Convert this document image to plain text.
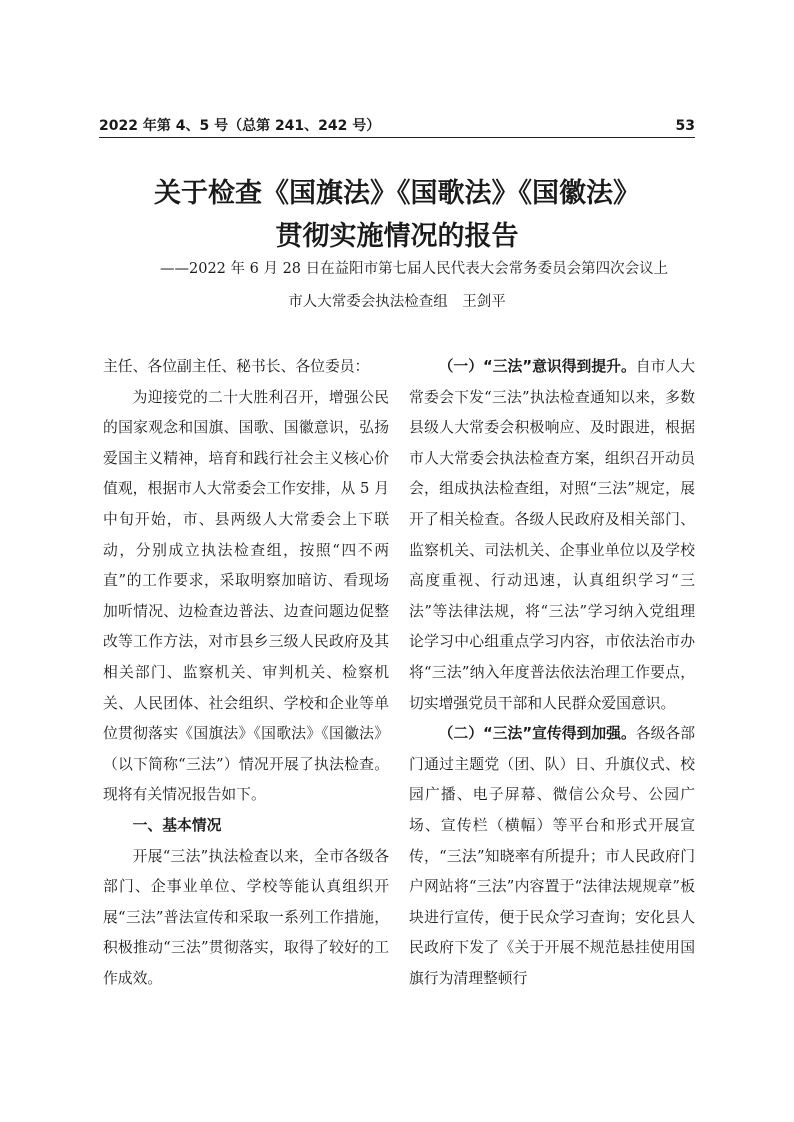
2022 年第 4、5 号（总第 241、242 号）	53
关于检查《国旗法》《国歌法》《国徽法》
贯彻实施情况的报告
——2022 年 6 月 28 日在益阳市第七届人民代表大会常务委员会第四次会议上
市人大常委会执法检查组　王剑平

主任、各位副主任、秘书长、各位委员：

为迎接党的二十大胜利召开，增强公民的国家观念和国旗、国歌、国徽意识，弘扬爱国主义精神，培育和践行社会主义核心价值观，根据市人大常委会工作安排，从 5 月中旬开始，市、县两级人大常委会上下联动，分别成立执法检查组，按照“四不两直”的工作要求，采取明察加暗访、看现场加听情况、边检查边普法、边查问题边促整改等工作方法，对市县乡三级人民政府及其相关部门、监察机关、审判机关、检察机关、人民团体、社会组织、学校和企业等单位贯彻落实《国旗法》《国歌法》《国徽法》（以下简称“三法”）情况开展了执法检查。现将有关情况报告如下。

一、基本情况

开展“三法”执法检查以来，全市各级各部门、企事业单位、学校等能认真组织开展“三法”普法宣传和采取一系列工作措施，积极推动“三法”贯彻落实，取得了较好的工作成效。

（一）“三法”意识得到提升。自市人大常委会下发“三法”执法检查通知以来，多数县级人大常委会积极响应、及时跟进，根据市人大常委会执法检查方案，组织召开动员会，组成执法检查组，对照“三法”规定，展开了相关检查。各级人民政府及相关部门、监察机关、司法机关、企事业单位以及学校高度重视、行动迅速，认真组织学习“三法”等法律法规，将“三法”学习纳入党组理论学习中心组重点学习内容，市依法治市办将“三法”纳入年度普法依法治理工作要点，切实增强党员干部和人民群众爱国意识。

（二）“三法”宣传得到加强。各级各部门通过主题党（团、队）日、升旗仪式、校园广播、电子屏幕、微信公众号、公园广场、宣传栏（横幅）等平台和形式开展宣传，“三法”知晓率有所提升；市人民政府门户网站将“三法”内容置于“法律法规规章”板块进行宣传，便于民众学习查询；安化县人民政府下发了《关于开展不规范悬挂使用国旗行为清理整顿行
